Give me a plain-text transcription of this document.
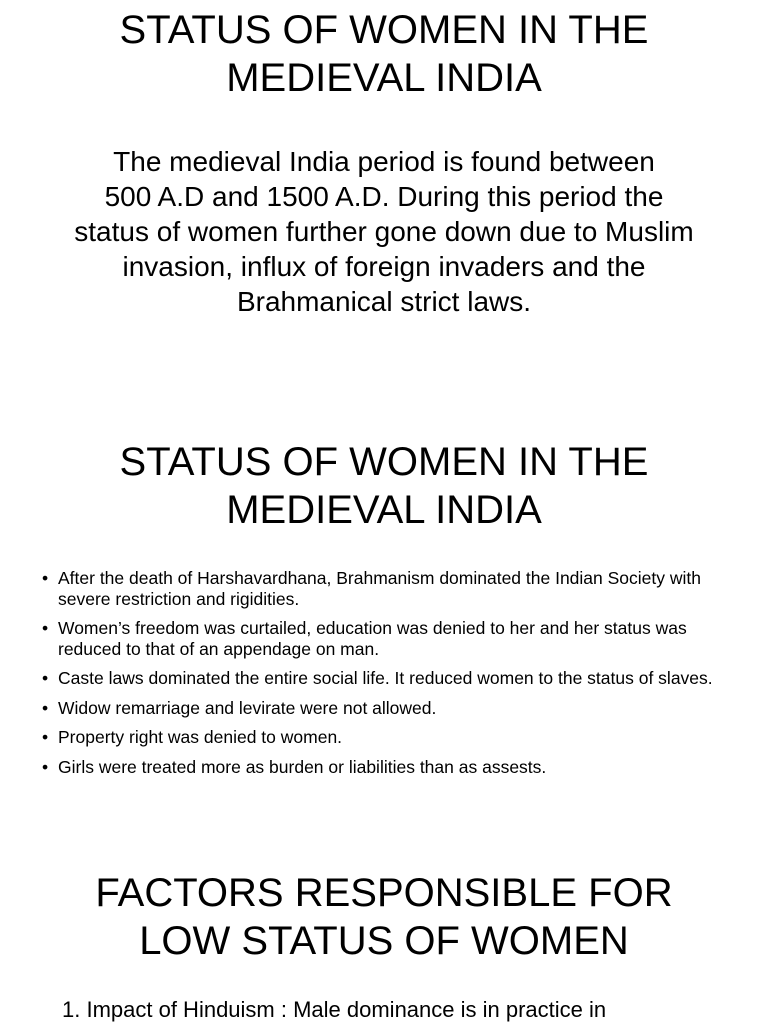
STATUS OF WOMEN IN THE
MEDIEVAL INDIA

The medieval India period is found between
500 A.D and 1500 A.D. During this period the
status of women further gone down due to Muslim
invasion, influx of foreign invaders and the
Brahmanical strict laws.

STATUS OF WOMEN IN THE
MEDIEVAL INDIA
• After the death of Harshavardhana, Brahmanism dominated the Indian Society with severe restriction and rigidities.
• Women’s freedom was curtailed, education was denied to her and her status was reduced to that of an appendage on man.
• Caste laws dominated the entire social life. It reduced women to the status of slaves.
• Widow remarriage and levirate were not allowed.
• Property right was denied to women.
• Girls were treated more as burden or liabilities than as assests.
FACTORS RESPONSIBLE FOR
LOW STATUS OF WOMEN
1. Impact of Hinduism : Male dominance is in practice in
